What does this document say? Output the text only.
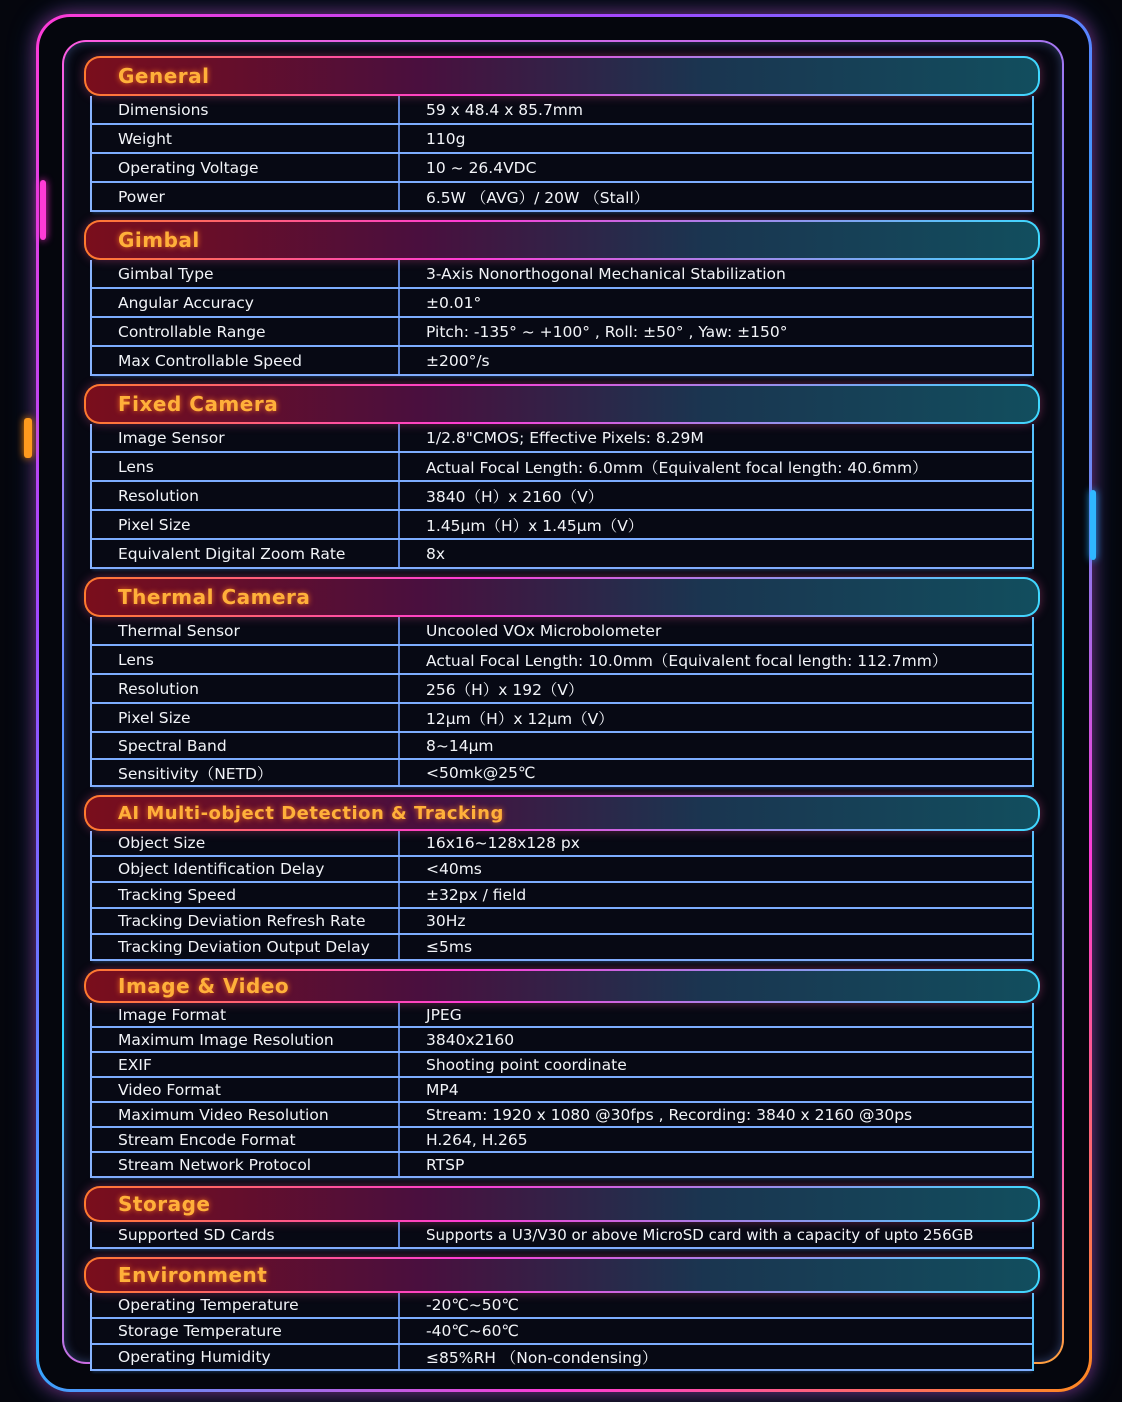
General
Dimensions	59 x 48.4 x 85.7mm
Weight	110g
Operating Voltage	10 ~ 26.4VDC
Power	6.5W （AVG）/ 20W （Stall）
Gimbal
Gimbal Type	3-Axis Nonorthogonal Mechanical Stabilization
Angular Accuracy	±0.01°
Controllable Range	Pitch: -135° ~ +100° , Roll: ±50° , Yaw: ±150°
Max Controllable Speed	±200°/s
Fixed Camera
Image Sensor	1/2.8"CMOS; Effective Pixels: 8.29M
Lens	Actual Focal Length: 6.0mm（Equivalent focal length: 40.6mm）
Resolution	3840（H）x 2160（V）
Pixel Size	1.45μm（H）x 1.45μm（V）
Equivalent Digital Zoom Rate	8x
Thermal Camera
Thermal Sensor	Uncooled VOx Microbolometer
Lens	Actual Focal Length: 10.0mm（Equivalent focal length: 112.7mm）
Resolution	256（H）x 192（V）
Pixel Size	12μm（H）x 12μm（V）
Spectral Band	8~14μm
Sensitivity（NETD）	<50mk@25℃
AI Multi-object Detection & Tracking
Object Size	16x16~128x128 px
Object Identification Delay	<40ms
Tracking Speed	±32px / field
Tracking Deviation Refresh Rate	30Hz
Tracking Deviation Output Delay	≤5ms
Image & Video
Image Format	JPEG
Maximum Image Resolution	3840x2160
EXIF	Shooting point coordinate
Video Format	MP4
Maximum Video Resolution	Stream: 1920 x 1080 @30fps , Recording: 3840 x 2160 @30ps
Stream Encode Format	H.264, H.265
Stream Network Protocol	RTSP
Storage
Supported SD Cards	Supports a U3/V30 or above MicroSD card with a capacity of upto 256GB
Environment
Operating Temperature	-20℃~50℃
Storage Temperature	-40℃~60℃
Operating Humidity	≤85%RH （Non-condensing）
